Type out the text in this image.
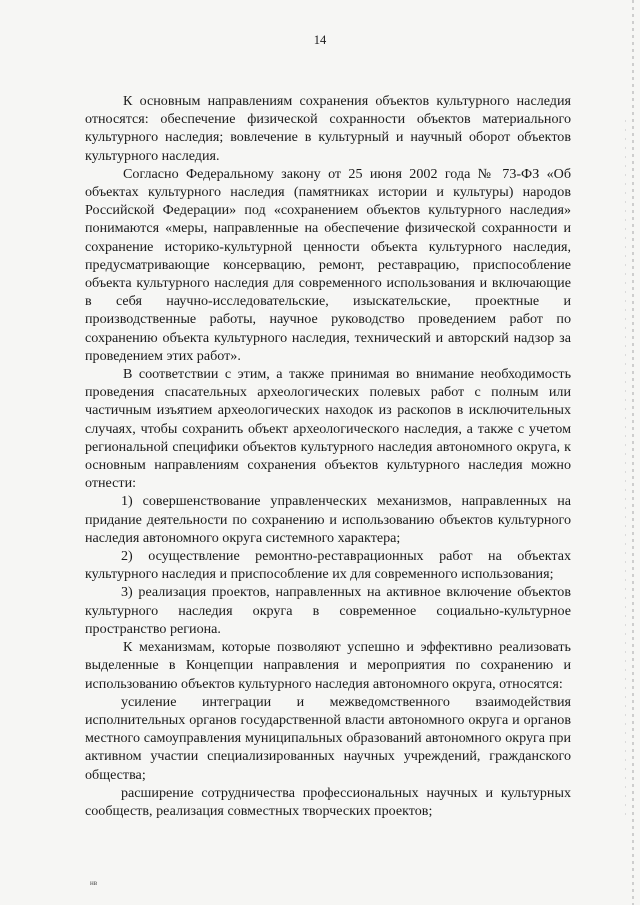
14

К основным направлениям сохранения объектов культурного наследия относятся: обеспечение физической сохранности объектов материального культурного наследия; вовлечение в культурный и научный оборот объектов культурного наследия.

Согласно Федеральному закону от 25 июня 2002 года № 73-ФЗ «Об объектах культурного наследия (памятниках истории и культуры) народов Российской Федерации» под «сохранением объектов культурного наследия» понимаются «меры, направленные на обеспечение физической сохранности и сохранение историко-культурной ценности объекта культурного наследия, предусматривающие консервацию, ремонт, реставрацию, приспособление объекта культурного наследия для современного использования и включающие в себя научно-исследовательские, изыскательские, проектные и производственные работы, научное руководство проведением работ по сохранению объекта культурного наследия, технический и авторский надзор за проведением этих работ».

В соответствии с этим, а также принимая во внимание необходимость проведения спасательных археологических полевых работ с полным или частичным изъятием археологических находок из раскопов в исключительных случаях, чтобы сохранить объект археологического наследия, а также с учетом региональной специфики объектов культурного наследия автономного округа, к основным направлениям сохранения объектов культурного наследия можно отнести:

1) совершенствование управленческих механизмов, направленных на придание деятельности по сохранению и использованию объектов культурного наследия автономного округа системного характера;

2) осуществление ремонтно-реставрационных работ на объектах культурного наследия и приспособление их для современного использования;

3) реализация проектов, направленных на активное включение объектов культурного наследия округа в современное социально-культурное пространство региона.

К механизмам, которые позволяют успешно и эффективно реализовать выделенные в Концепции направления и мероприятия по сохранению и использованию объектов культурного наследия автономного округа, относятся:

усиление интеграции и межведомственного взаимодействия исполнительных органов государственной власти автономного округа и органов местного самоуправления муниципальных образований автономного округа при активном участии специализированных научных учреждений, гражданского общества;

расширение сотрудничества профессиональных научных и культурных сообществ, реализация совместных творческих проектов;

нв
